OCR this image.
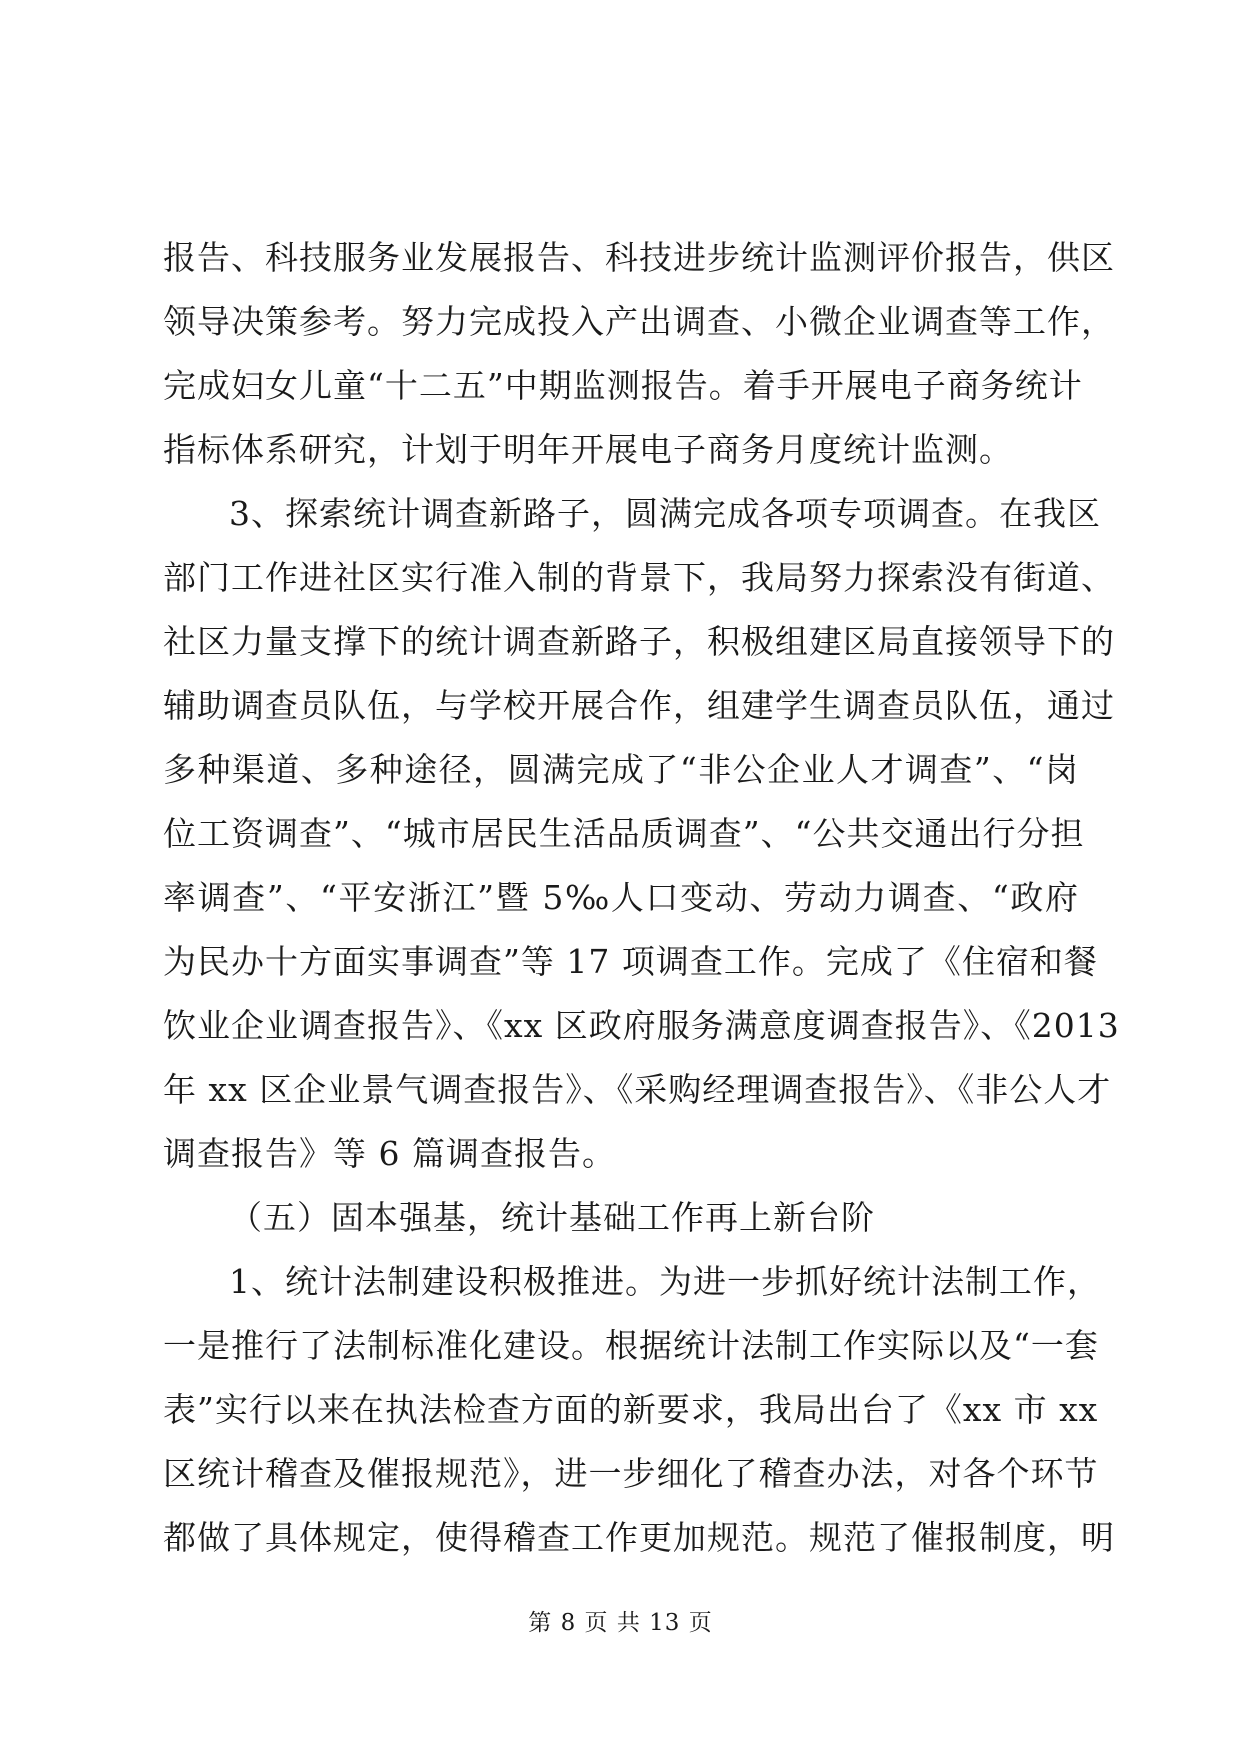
报告、科技服务业发展报告、科技进步统计监测评价报告，供区
领导决策参考。努力完成投入产出调查、小微企业调查等工作，
完成妇女儿童“十二五”中期监测报告。着手开展电子商务统计
指标体系研究，计划于明年开展电子商务月度统计监测。
3、探索统计调查新路子，圆满完成各项专项调查。在我区
部门工作进社区实行准入制的背景下，我局努力探索没有街道、
社区力量支撑下的统计调查新路子，积极组建区局直接领导下的
辅助调查员队伍，与学校开展合作，组建学生调查员队伍，通过
多种渠道、多种途径，圆满完成了“非公企业人才调查”、“岗
位工资调查”、“城市居民生活品质调查”、“公共交通出行分担
率调查”、“平安浙江”暨 5‰人口变动、劳动力调查、“政府
为民办十方面实事调查”等 17 项调查工作。完成了《住宿和餐
饮业企业调查报告》、《xx 区政府服务满意度调查报告》、《2013
年 xx 区企业景气调查报告》、《采购经理调查报告》、《非公人才
调查报告》等 6 篇调查报告。
（五）固本强基，统计基础工作再上新台阶
1、统计法制建设积极推进。为进一步抓好统计法制工作，
一是推行了法制标准化建设。根据统计法制工作实际以及“一套
表”实行以来在执法检查方面的新要求，我局出台了《xx 市 xx
区统计稽查及催报规范》，进一步细化了稽查办法，对各个环节
都做了具体规定，使得稽查工作更加规范。规范了催报制度，明
第 8 页 共 13 页
